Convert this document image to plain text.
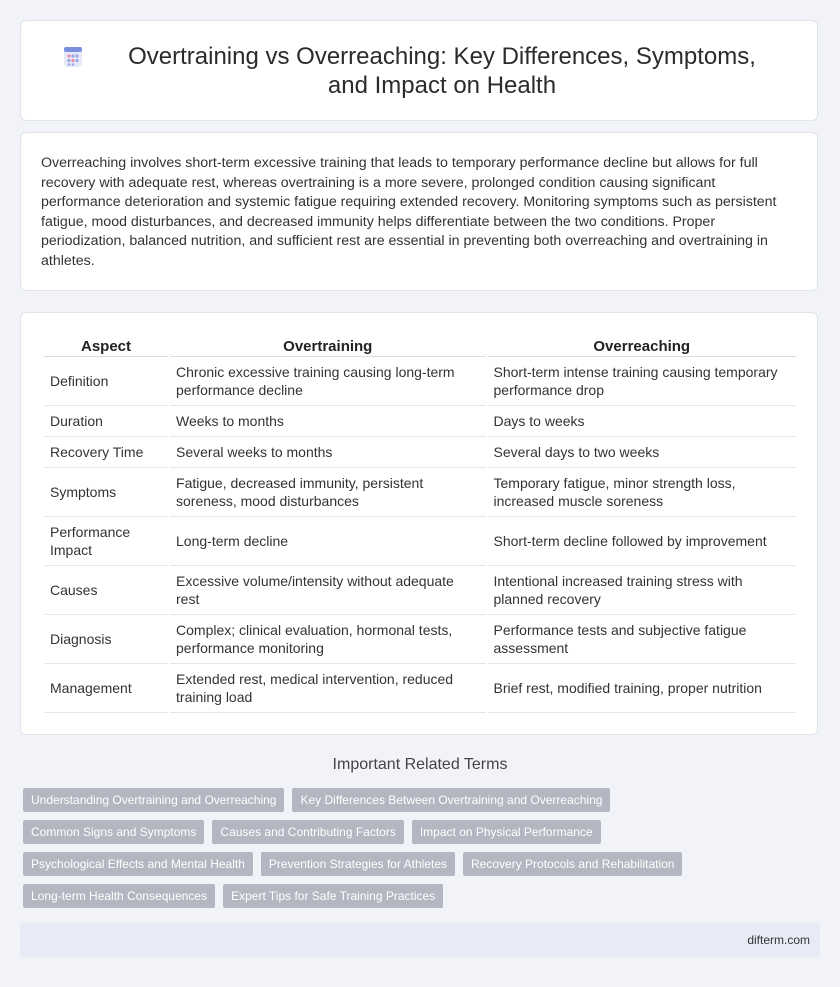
Overtraining vs Overreaching: Key Differences, Symptoms, and Impact on Health

Overreaching involves short-term excessive training that leads to temporary performance decline but allows for full recovery with adequate rest, whereas overtraining is a more severe, prolonged condition causing significant performance deterioration and systemic fatigue requiring extended recovery. Monitoring symptoms such as persistent fatigue, mood disturbances, and decreased immunity helps differentiate between the two conditions. Proper periodization, balanced nutrition, and sufficient rest are essential in preventing both overreaching and overtraining in athletes.

Aspect	Overtraining	Overreaching
Definition	Chronic excessive training causing long-term performance decline	Short-term intense training causing temporary performance drop
Duration	Weeks to months	Days to weeks
Recovery Time	Several weeks to months	Several days to two weeks
Symptoms	Fatigue, decreased immunity, persistent soreness, mood disturbances	Temporary fatigue, minor strength loss, increased muscle soreness
Performance Impact	Long-term decline	Short-term decline followed by improvement
Causes	Excessive volume/intensity without adequate rest	Intentional increased training stress with planned recovery
Diagnosis	Complex; clinical evaluation, hormonal tests, performance monitoring	Performance tests and subjective fatigue assessment
Management	Extended rest, medical intervention, reduced training load	Brief rest, modified training, proper nutrition
Important Related Terms
Understanding Overtraining and Overreaching	Key Differences Between Overtraining and Overreaching
Common Signs and Symptoms	Causes and Contributing Factors	Impact on Physical Performance
Psychological Effects and Mental Health	Prevention Strategies for Athletes	Recovery Protocols and Rehabilitation
Long-term Health Consequences	Expert Tips for Safe Training Practices
difterm.com
